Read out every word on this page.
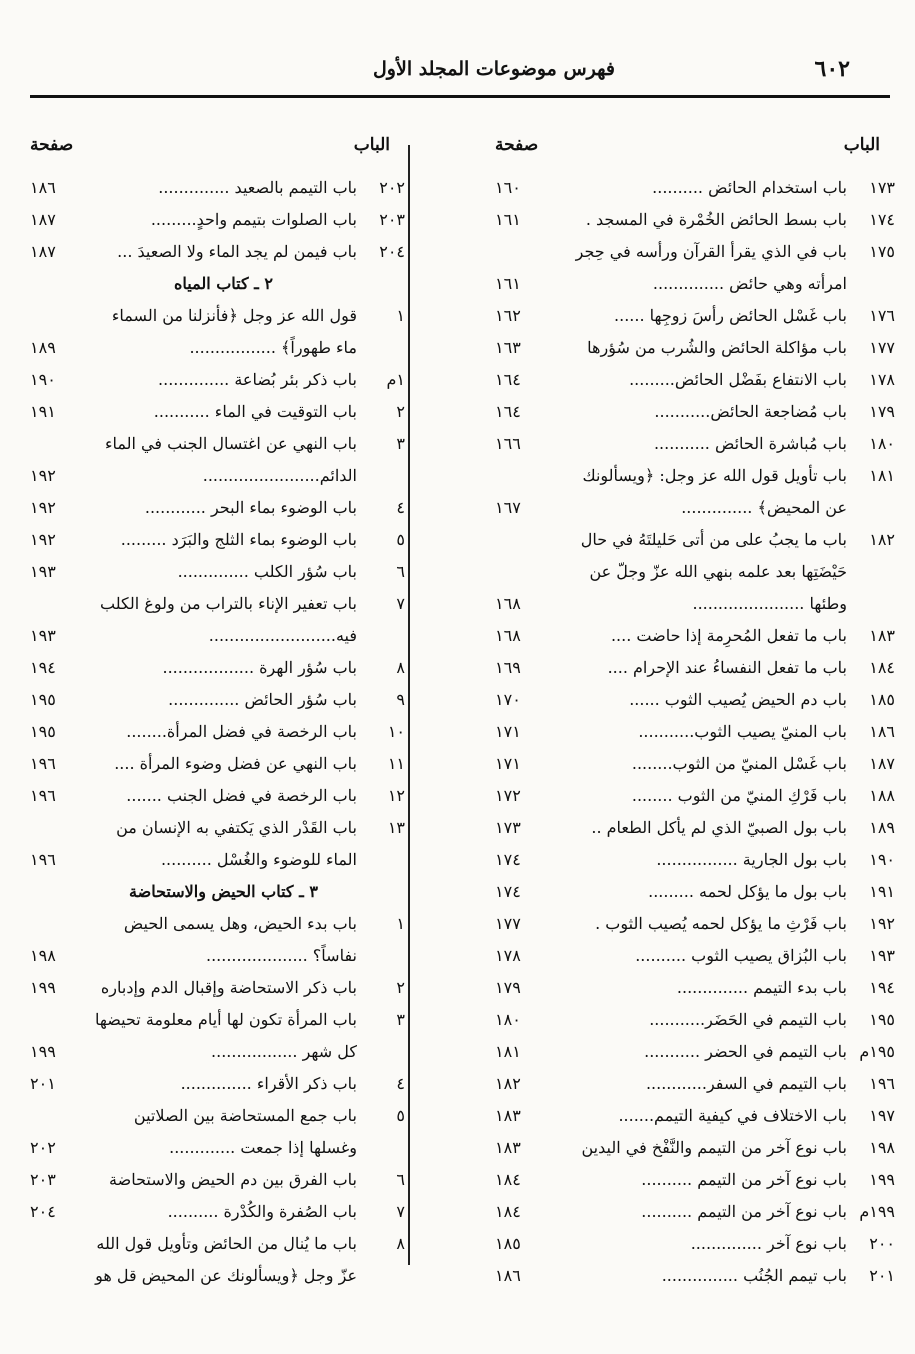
٦٠٢
فهرس موضوعات المجلد الأول
الباب
صفحة
١٧٣
باب استخدام الحائض ..........
١٦٠
١٧٤
باب بسط الحائض الخُمْرة في المسجد .
١٦١
١٧٥
باب في الذي يقرأ القرآن ورأسه في حِجر
امرأته وهي حائض ..............
١٦١
١٧٦
باب غَسْل الحائض رأسَ زوجِها ......
١٦٢
١٧٧
باب مؤاكلة الحائض والشُرب من سُؤرها
١٦٣
١٧٨
باب الانتفاع بفَضْل الحائض.........
١٦٤
١٧٩
باب مُضاجعة الحائض...........
١٦٤
١٨٠
باب مُباشرة الحائض ...........
١٦٦
١٨١
باب تأويل قول الله عز وجل: ﴿ويسألونك
عن المحيض﴾ ..............
١٦٧
١٨٢
باب ما يجبُ على من أتى حَليلتَهُ في حال
حَيْضَتِها بعد علمه بنهي الله عزّ وجلّ عن
وطئها ......................
١٦٨
١٨٣
باب ما تفعل المُحرِمة إذا حاضت ....
١٦٨
١٨٤
باب ما تفعل النفساءُ عند الإحرام ....
١٦٩
١٨٥
باب دم الحيض يُصيب الثوب ......
١٧٠
١٨٦
باب المنيّ يصيب الثوب...........
١٧١
١٨٧
باب غَسْل المنيّ من الثوب........
١٧١
١٨٨
باب فَرْكِ المنيّ من الثوب ........
١٧٢
١٨٩
باب بول الصبيّ الذي لم يأكل الطعام ..
١٧٣
١٩٠
باب بول الجارية ................
١٧٤
١٩١
باب بول ما يؤكل لحمه .........
١٧٤
١٩٢
باب فَرْثِ ما يؤكل لحمه يُصيب الثوب .
١٧٧
١٩٣
باب البُزاق يصيب الثوب ..........
١٧٨
١٩٤
باب بدء التيمم ..............
١٧٩
١٩٥
باب التيمم في الحَضَر...........
١٨٠
١٩٥م
باب التيمم في الحضر ...........
١٨١
١٩٦
باب التيمم في السفر............
١٨٢
١٩٧
باب الاختلاف في كيفية التيمم.......
١٨٣
١٩٨
باب نوع آخر من التيمم والنَّفْخ في اليدين
١٨٣
١٩٩
باب نوع آخر من التيمم ..........
١٨٤
١٩٩م
باب نوع آخر من التيمم ..........
١٨٤
٢٠٠
باب نوع آخر ..............
١٨٥
٢٠١
باب تيمم الجُنُب ...............
١٨٦
الباب
صفحة
٢٠٢
باب التيمم بالصعيد ..............
١٨٦
٢٠٣
باب الصلوات بتيمم واحدٍ.........
١٨٧
٢٠٤
باب فيمن لم يجد الماء ولا الصعيدَ ...
١٨٧
٢ ـ كتاب المياه
١
قول الله عز وجل ﴿فأنزلنا من السماء
ماء طهوراً﴾ .................
١٨٩
١م
باب ذكر بئر بُضاعة ..............
١٩٠
٢
باب التوقيت في الماء ...........
١٩١
٣
باب النهي عن اغتسال الجنب في الماء
الدائم.......................
١٩٢
٤
باب الوضوء بماء البحر ............
١٩٢
٥
باب الوضوء بماء الثلج والبَرَد .........
١٩٢
٦
باب سُؤر الكلب ..............
١٩٣
٧
باب تعفير الإناء بالتراب من ولوغ الكلب
فيه.........................
١٩٣
٨
باب سُؤر الهرة ..................
١٩٤
٩
باب سُؤر الحائض ..............
١٩٥
١٠
باب الرخصة في فضل المرأة........
١٩٥
١١
باب النهي عن فضل وضوء المرأة ....
١٩٦
١٢
باب الرخصة في فضل الجنب .......
١٩٦
١٣
باب القَدْر الذي يَكتفي به الإنسان من
الماء للوضوء والغُسْل ..........
١٩٦
٣ ـ كتاب الحيض والاستحاضة
١
باب بدء الحيض، وهل يسمى الحيض
نفاساً؟ ....................
١٩٨
٢
باب ذكر الاستحاضة وإقبال الدم وإدباره
١٩٩
٣
باب المرأة تكون لها أيام معلومة تحيضها
كل شهر .................
١٩٩
٤
باب ذكر الأقراء ..............
٢٠١
٥
باب جمع المستحاضة بين الصلاتين
وغسلها إذا جمعت .............
٢٠٢
٦
باب الفرق بين دم الحيض والاستحاضة
٢٠٣
٧
باب الصُفرة والكُدْرة ..........
٢٠٤
٨
باب ما يُنال من الحائض وتأويل قول الله
عزّ وجل ﴿ويسألونك عن المحيض قل هو
